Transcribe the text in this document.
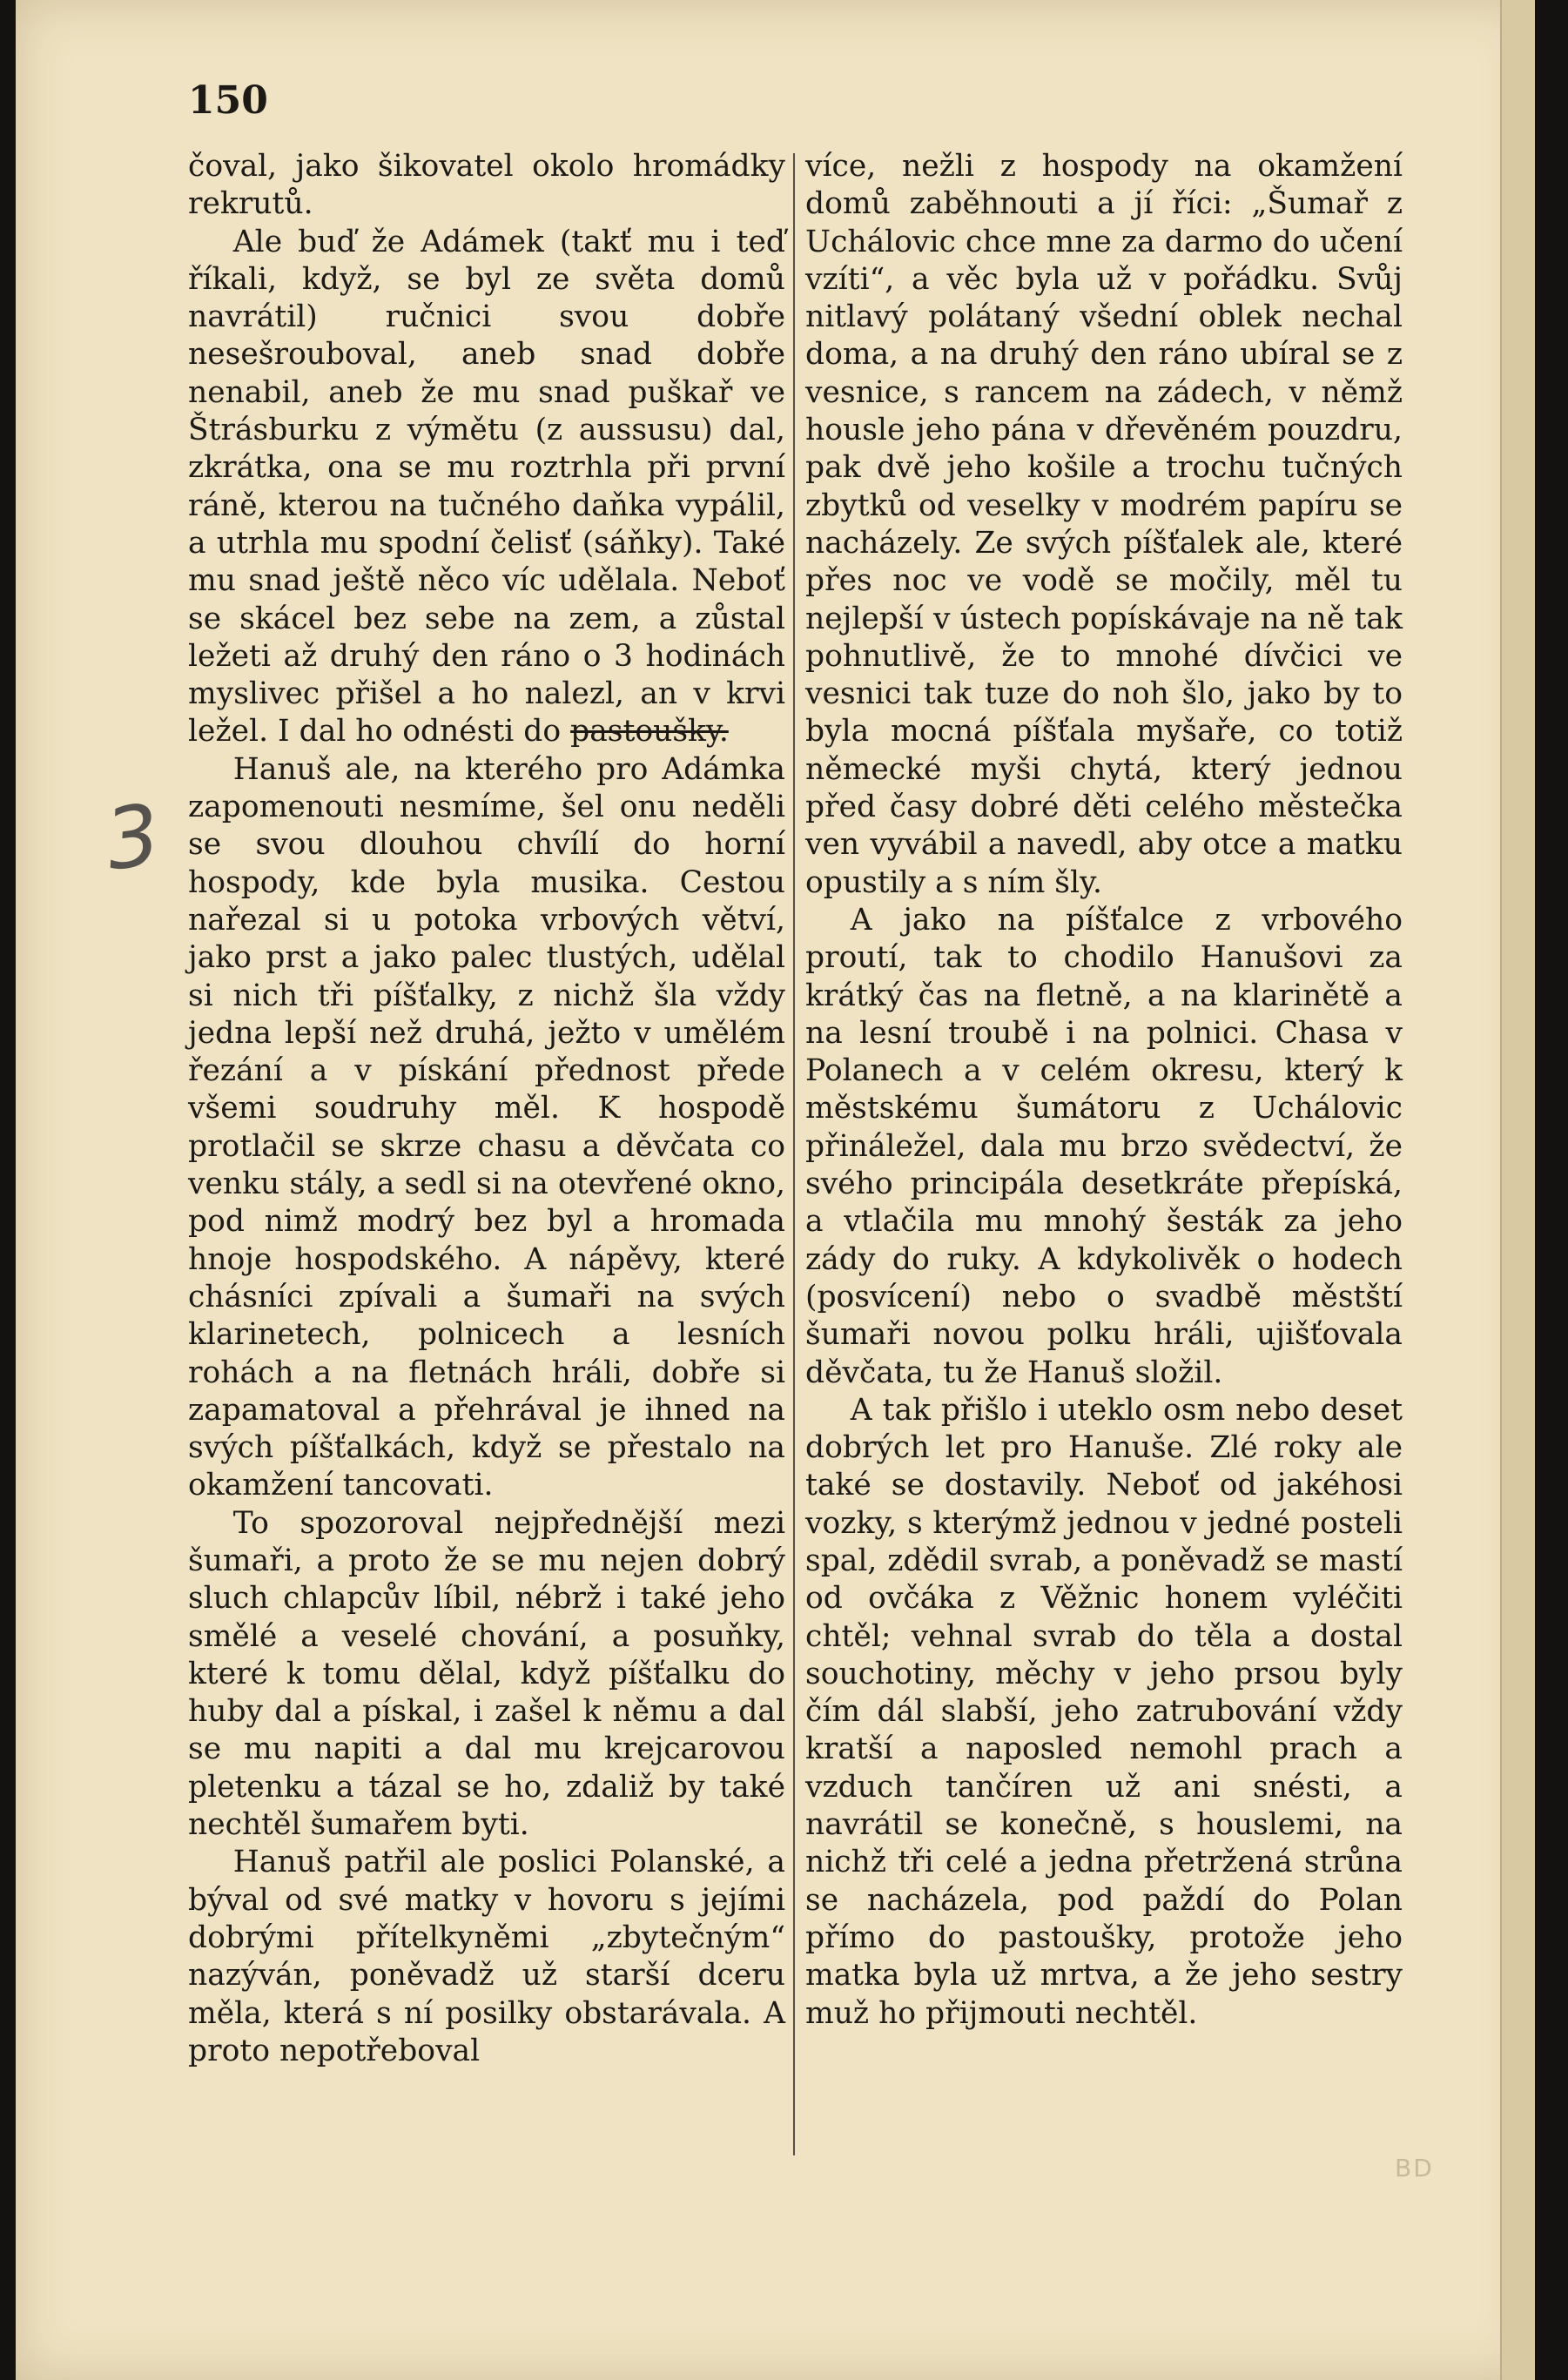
150

čoval, jako šikovatel okolo hromádky rekrutů.

Ale buď že Adámek (takť mu i teď říkali, když, se byl ze světa domů navrátil) ručnici svou dobře nesešrouboval, aneb snad dobře nenabil, aneb že mu snad puškař ve Štrásburku z výmětu (z aussusu) dal, zkrátka, ona se mu roztrhla při první ráně, kterou na tučného daňka vypálil, a utrhla mu spodní čelisť (sáňky). Také mu snad ještě něco víc udělala. Neboť se skácel bez sebe na zem, a zůstal ležeti až druhý den ráno o 3 hodinách myslivec přišel a ho nalezl, an v krvi ležel. I dal ho odnésti do pastoušky.

Hanuš ale, na kterého pro Adámka zapomenouti nesmíme, šel onu neděli se svou dlouhou chvílí do horní hospody, kde byla musika. Cestou nařezal si u potoka vrbových větví, jako prst a jako palec tlustých, udělal si nich tři píšťalky, z nichž šla vždy jedna lepší než druhá, ježto v umělém řezání a v pískání přednost přede všemi soudruhy měl. K hospodě protlačil se skrze chasu a děvčata co venku stály, a sedl si na otevřené okno, pod nimž modrý bez byl a hromada hnoje hospodského. A nápěvy, které chásníci zpívali a šumaři na svých klarinetech, polnicech a lesních rohách a na fletnách hráli, dobře si zapamatoval a přehrával je ihned na svých píšťalkách, když se přestalo na okamžení tancovati.

To spozoroval nejpřednější mezi šumaři, a proto že se mu nejen dobrý sluch chlapcův líbil, nébrž i také jeho smělé a veselé chování, a posuňky, které k tomu dělal, když píšťalku do huby dal a pískal, i zašel k němu a dal se mu napiti a dal mu krejcarovou pletenku a tázal se ho, zdaliž by také nechtěl šumařem byti.

Hanuš patřil ale poslici Polanské, a býval od své matky v hovoru s jejími dobrými přítelkyněmi „zbytečným“ nazýván, poněvadž už starší dceru měla, která s ní posilky obstarávala. A proto nepotřeboval

více, nežli z hospody na okamžení domů zaběhnouti a jí říci: „Šumař z Uchálovic chce mne za darmo do učení vzíti“, a věc byla už v pořádku. Svůj nitlavý polátaný všední oblek nechal doma, a na druhý den ráno ubíral se z vesnice, s rancem na zádech, v němž housle jeho pána v dřevěném pouzdru, pak dvě jeho košile a trochu tučných zbytků od veselky v modrém papíru se nacházely. Ze svých píšťalek ale, které přes noc ve vodě se močily, měl tu nejlepší v ústech popískávaje na ně tak pohnutlivě, že to mnohé dívčici ve vesnici tak tuze do noh šlo, jako by to byla mocná píšťala myšaře, co totiž německé myši chytá, který jednou před časy dobré děti celého městečka ven vyvábil a navedl, aby otce a matku opustily a s ním šly.

A jako na píšťalce z vrbového proutí, tak to chodilo Hanušovi za krátký čas na fletně, a na klarinětě a na lesní troubě i na polnici. Chasa v Polanech a v celém okresu, který k městskému šumátoru z Uchálovic přináležel, dala mu brzo svědectví, že svého principála desetkráte přepíská, a vtlačila mu mnohý šesták za jeho zády do ruky. A kdykolivěk o hodech (posvícení) nebo o svadbě městští šumaři novou polku hráli, ujišťovala děvčata, tu že Hanuš složil.

A tak přišlo i uteklo osm nebo deset dobrých let pro Hanuše. Zlé roky ale také se dostavily. Neboť od jakéhosi vozky, s kterýmž jednou v jedné posteli spal, zdědil svrab, a poněvadž se mastí od ovčáka z Věžnic honem vyléčiti chtěl; vehnal svrab do těla a dostal souchotiny, měchy v jeho prsou byly čím dál slabší, jeho zatrubování vždy kratší a naposled nemohl prach a vzduch tančíren už ani snésti, a navrátil se konečně, s houslemi, na nichž tři celé a jedna přetržená strůna se nacházela, pod paždí do Polan přímo do pastoušky, protože jeho matka byla už mrtva, a že jeho sestry muž ho přijmouti nechtěl.

3
BD
